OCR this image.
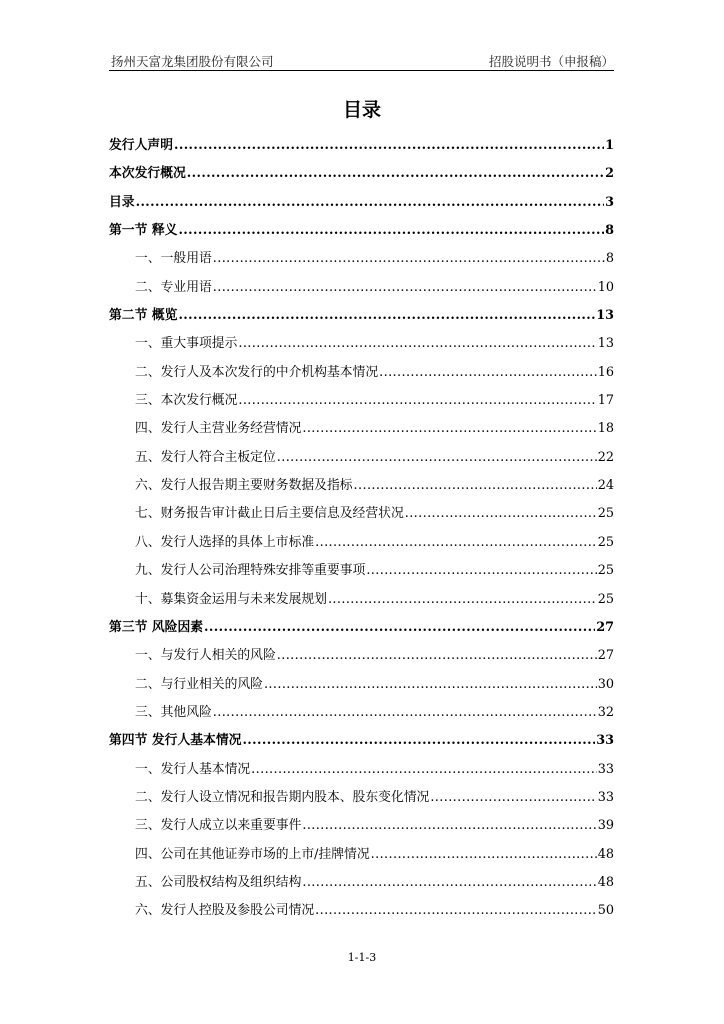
扬州天富龙集团股份有限公司	招股说明书（申报稿）
目录
发行人声明 .....	1
本次发行概况 .....	2
目录 .....	3
第一节 释义 .....	8
一、一般用语 .....	8
二、专业用语 .....	10
第二节 概览 .....	13
一、重大事项提示 .....	13
二、发行人及本次发行的中介机构基本情况 .....	16
三、本次发行概况 .....	17
四、发行人主营业务经营情况 .....	18
五、发行人符合主板定位 .....	22
六、发行人报告期主要财务数据及指标 .....	24
七、财务报告审计截止日后主要信息及经营状况 .....	25
八、发行人选择的具体上市标准 .....	25
九、发行人公司治理特殊安排等重要事项 .....	25
十、募集资金运用与未来发展规划 .....	25
第三节 风险因素 .....	27
一、与发行人相关的风险 .....	27
二、与行业相关的风险 .....	30
三、其他风险 .....	32
第四节 发行人基本情况 .....	33
一、发行人基本情况 .....	33
二、发行人设立情况和报告期内股本、股东变化情况 .....	33
三、发行人成立以来重要事件 .....	39
四、公司在其他证券市场的上市/挂牌情况 .....	48
五、公司股权结构及组织结构 .....	48
六、发行人控股及参股公司情况 .....	50
1-1-3
